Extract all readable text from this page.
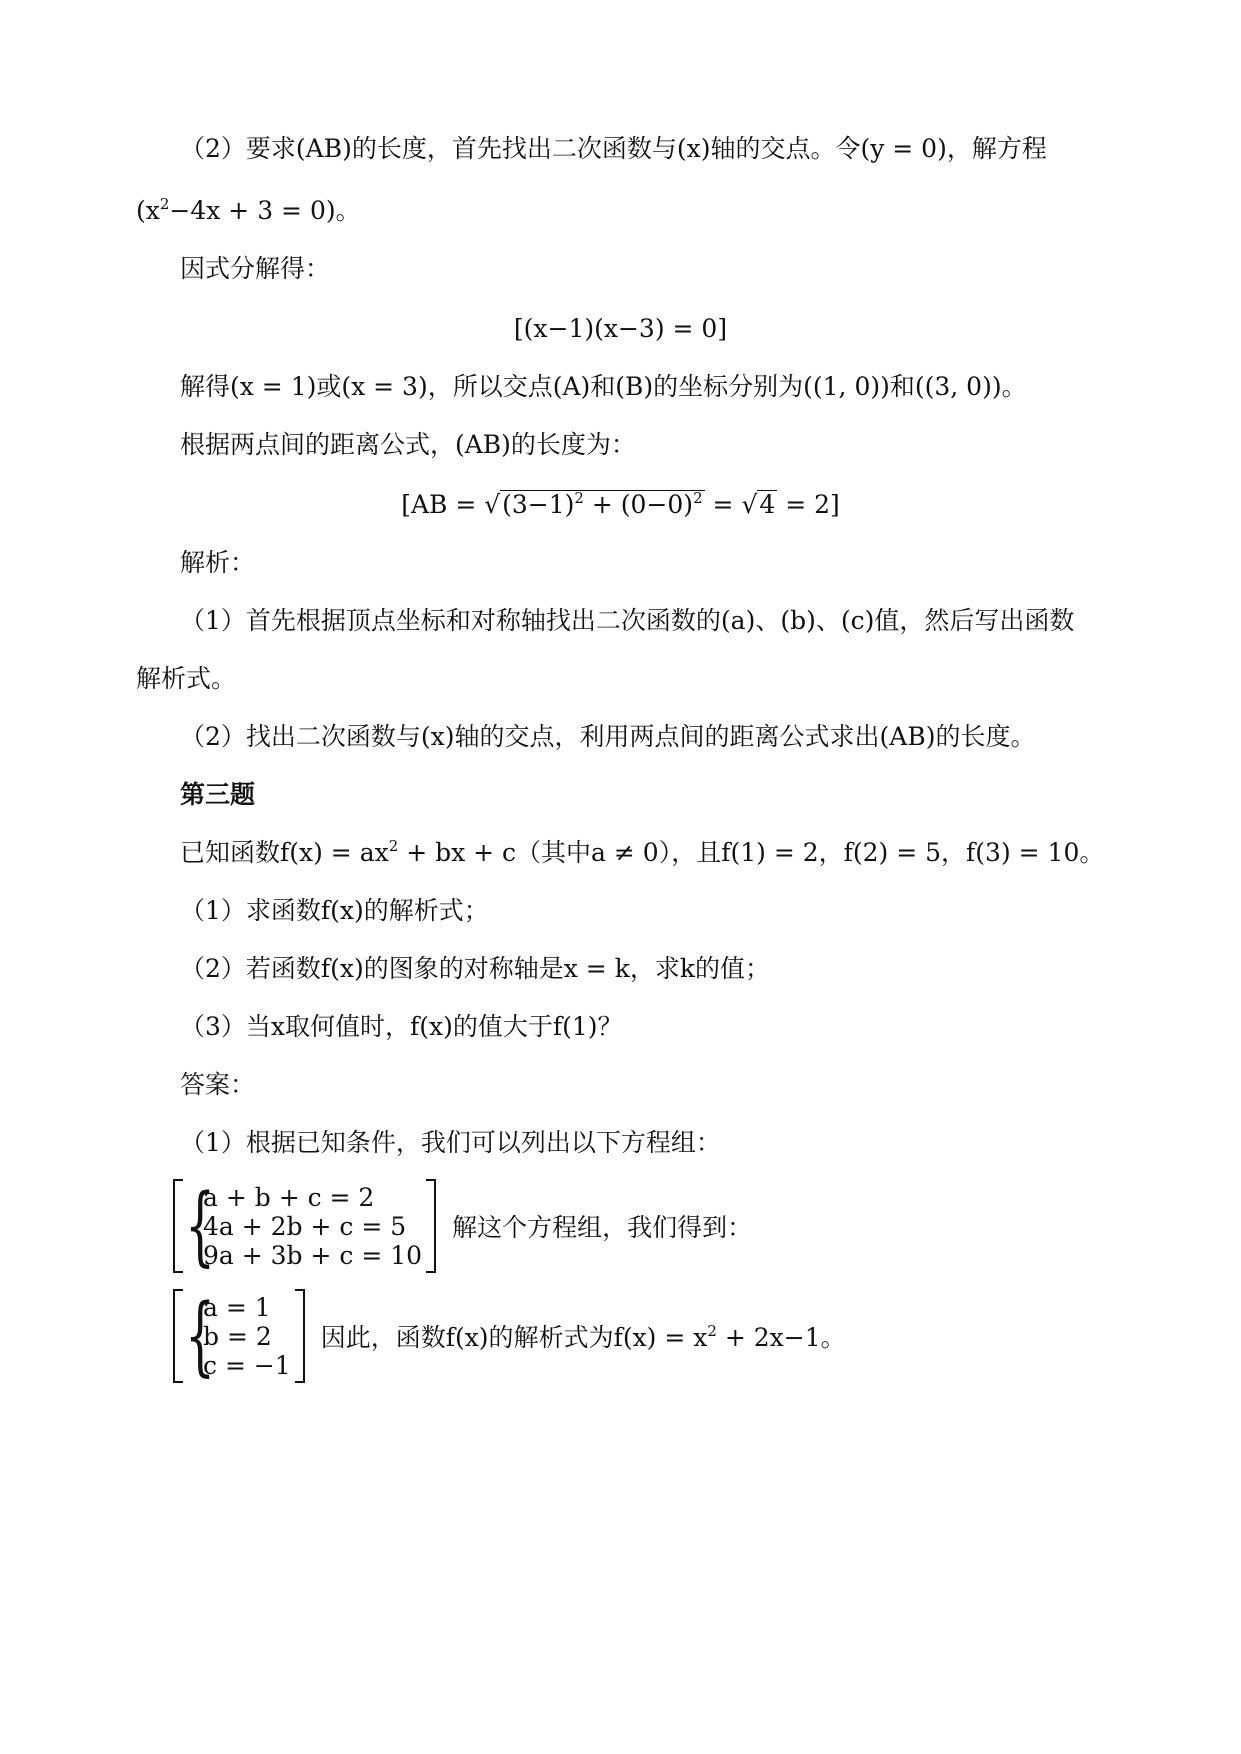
（2）要求(AB)的长度，首先找出二次函数与(x)轴的交点。令(y = 0)，解方程
$(x^2-4x + 3 = 0)$。
因式分解得：
[(x−1)(x−3) = 0]
解得(x = 1)或(x = 3)，所以交点(A)和(B)的坐标分别为((1, 0))和((3, 0))。
根据两点间的距离公式，(AB)的长度为：
$[AB = √(3-1)^2 + (0-0)^2 = √4 = 2]$
解析：
（1）首先根据顶点坐标和对称轴找出二次函数的(a)、(b)、(c)值，然后写出函数
解析式。
（2）找出二次函数与(x)轴的交点，利用两点间的距离公式求出(AB)的长度。
第三题
已知函数$f(x) = ax^2$ + bx + c（其中a ≠ 0），且f(1) = 2，f(2) = 5，f(3) = 10。
（1）求函数f(x)的解析式；
（2）若函数f(x)的图象的对称轴是x = k，求k的值；
（3）当x取何值时，f(x)的值大于f(1)？
答案：
（1）根据已知条件，我们可以列出以下方程组：
{
a + b + c = 2
4a + 2b + c = 5
9a + 3b + c = 10
解这个方程组，我们得到：
{
a = 1
b = 2
c = −1
因此，函数f(x)的解析式为$f(x) = x^2 + 2x-1$。
